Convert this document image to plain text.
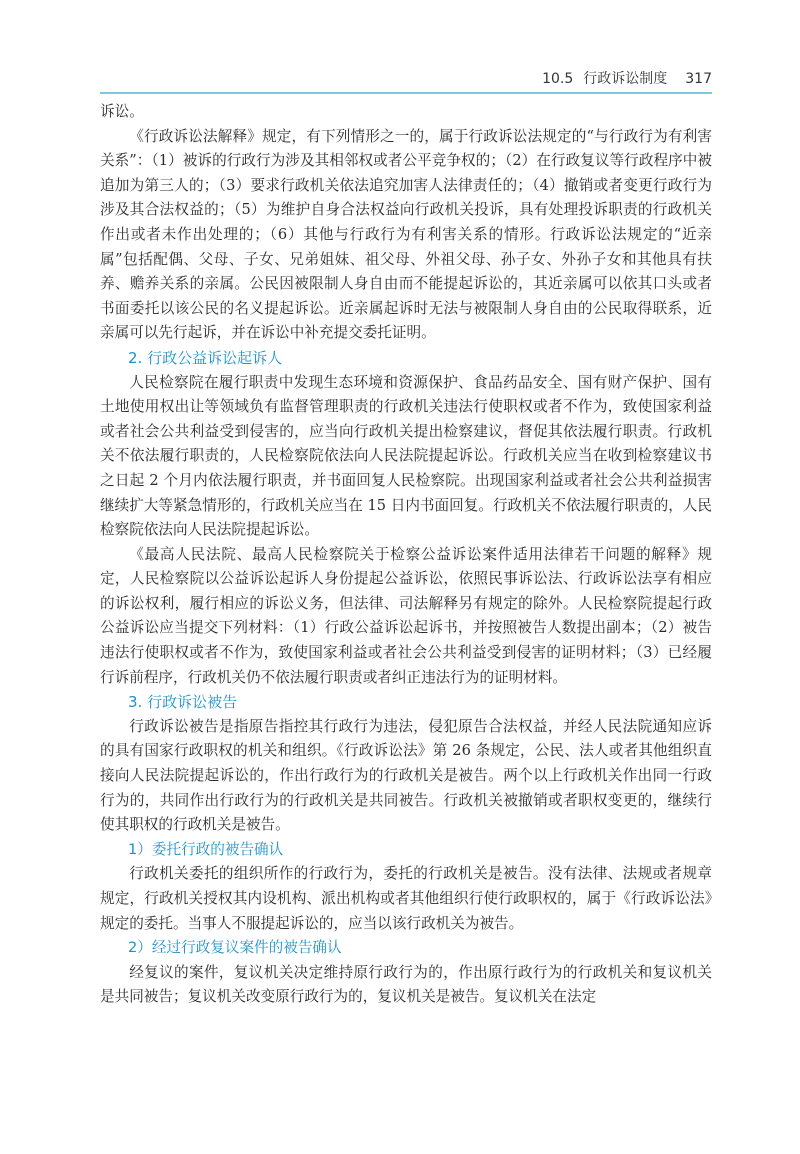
10.5 行政诉讼制度 317

诉讼。

《行政诉讼法解释》规定，有下列情形之一的，属于行政诉讼法规定的“与行政行为有利害关系”：（1）被诉的行政行为涉及其相邻权或者公平竞争权的；（2）在行政复议等行政程序中被追加为第三人的；（3）要求行政机关依法追究加害人法律责任的；（4）撤销或者变更行政行为涉及其合法权益的；（5）为维护自身合法权益向行政机关投诉，具有处理投诉职责的行政机关作出或者未作出处理的；（6）其他与行政行为有利害关系的情形。行政诉讼法规定的“近亲属”包括配偶、父母、子女、兄弟姐妹、祖父母、外祖父母、孙子女、外孙子女和其他具有扶养、赡养关系的亲属。公民因被限制人身自由而不能提起诉讼的，其近亲属可以依其口头或者书面委托以该公民的名义提起诉讼。近亲属起诉时无法与被限制人身自由的公民取得联系，近亲属可以先行起诉，并在诉讼中补充提交委托证明。

2. 行政公益诉讼起诉人

人民检察院在履行职责中发现生态环境和资源保护、食品药品安全、国有财产保护、国有土地使用权出让等领域负有监督管理职责的行政机关违法行使职权或者不作为，致使国家利益或者社会公共利益受到侵害的，应当向行政机关提出检察建议，督促其依法履行职责。行政机关不依法履行职责的，人民检察院依法向人民法院提起诉讼。行政机关应当在收到检察建议书之日起 2 个月内依法履行职责，并书面回复人民检察院。出现国家利益或者社会公共利益损害继续扩大等紧急情形的，行政机关应当在 15 日内书面回复。行政机关不依法履行职责的，人民检察院依法向人民法院提起诉讼。

《最高人民法院、最高人民检察院关于检察公益诉讼案件适用法律若干问题的解释》规定，人民检察院以公益诉讼起诉人身份提起公益诉讼，依照民事诉讼法、行政诉讼法享有相应的诉讼权利，履行相应的诉讼义务，但法律、司法解释另有规定的除外。人民检察院提起行政公益诉讼应当提交下列材料：（1）行政公益诉讼起诉书，并按照被告人数提出副本；（2）被告违法行使职权或者不作为，致使国家利益或者社会公共利益受到侵害的证明材料；（3）已经履行诉前程序，行政机关仍不依法履行职责或者纠正违法行为的证明材料。

3. 行政诉讼被告

行政诉讼被告是指原告指控其行政行为违法，侵犯原告合法权益，并经人民法院通知应诉的具有国家行政职权的机关和组织。《行政诉讼法》第 26 条规定，公民、法人或者其他组织直接向人民法院提起诉讼的，作出行政行为的行政机关是被告。两个以上行政机关作出同一行政行为的，共同作出行政行为的行政机关是共同被告。行政机关被撤销或者职权变更的，继续行使其职权的行政机关是被告。

1）委托行政的被告确认

行政机关委托的组织所作的行政行为，委托的行政机关是被告。没有法律、法规或者规章规定，行政机关授权其内设机构、派出机构或者其他组织行使行政职权的，属于《行政诉讼法》规定的委托。当事人不服提起诉讼的，应当以该行政机关为被告。

2）经过行政复议案件的被告确认

经复议的案件，复议机关决定维持原行政行为的，作出原行政行为的行政机关和复议机关是共同被告；复议机关改变原行政行为的，复议机关是被告。复议机关在法定
